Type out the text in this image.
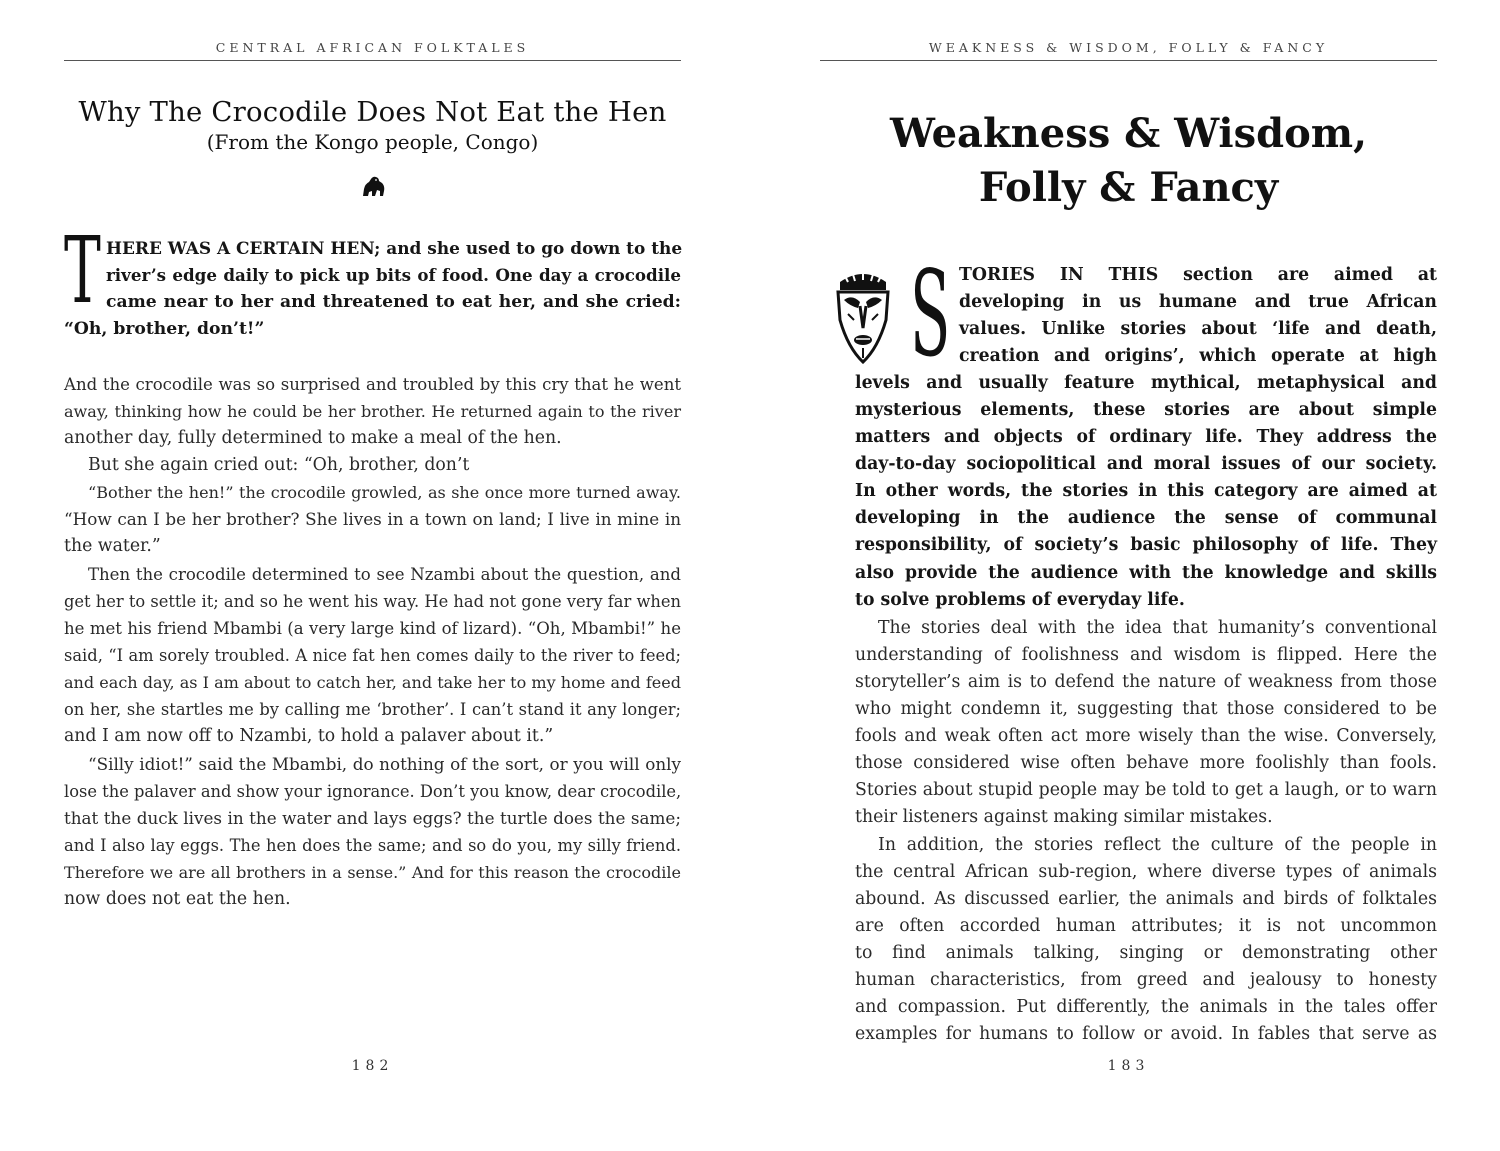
CENTRAL AFRICAN FOLKTALES
Why The Crocodile Does Not Eat the Hen
(From the Kongo people, Congo)
T HERE WAS A CERTAIN HEN; and she used to go down to the
river’s edge daily to pick up bits of food. One day a crocodile
came near to her and threatened to eat her, and she cried:
“Oh, brother, don’t!”
And the crocodile was so surprised and troubled by this cry that he went
away, thinking how he could be her brother. He returned again to the river
another day, fully determined to make a meal of the hen.
But she again cried out: “Oh, brother, don’t
“Bother the hen!” the crocodile growled, as she once more turned away.
“How can I be her brother? She lives in a town on land; I live in mine in
the water.”
Then the crocodile determined to see Nzambi about the question, and
get her to settle it; and so he went his way. He had not gone very far when
he met his friend Mbambi (a very large kind of lizard). “Oh, Mbambi!” he
said, “I am sorely troubled. A nice fat hen comes daily to the river to feed;
and each day, as I am about to catch her, and take her to my home and feed
on her, she startles me by calling me ‘brother’. I can’t stand it any longer;
and I am now off to Nzambi, to hold a palaver about it.”
“Silly idiot!” said the Mbambi, do nothing of the sort, or you will only
lose the palaver and show your ignorance. Don’t you know, dear crocodile,
that the duck lives in the water and lays eggs? the turtle does the same;
and I also lay eggs. The hen does the same; and so do you, my silly friend.
Therefore we are all brothers in a sense.” And for this reason the crocodile
now does not eat the hen.
182
WEAKNESS & WISDOM, FOLLY & FANCY
Weakness & Wisdom,
Folly & Fancy
S TORIES IN THIS section are aimed at
developing in us humane and true African
values. Unlike stories about ‘life and death,
creation and origins’, which operate at high
levels and usually feature mythical, metaphysical and
mysterious elements, these stories are about simple
matters and objects of ordinary life. They address the
day-to-day sociopolitical and moral issues of our society.
In other words, the stories in this category are aimed at
developing in the audience the sense of communal
responsibility, of society’s basic philosophy of life. They
also provide the audience with the knowledge and skills
to solve problems of everyday life.
The stories deal with the idea that humanity’s conventional
understanding of foolishness and wisdom is flipped. Here the
storyteller’s aim is to defend the nature of weakness from those
who might condemn it, suggesting that those considered to be
fools and weak often act more wisely than the wise. Conversely,
those considered wise often behave more foolishly than fools.
Stories about stupid people may be told to get a laugh, or to warn
their listeners against making similar mistakes.
In addition, the stories reflect the culture of the people in
the central African sub-region, where diverse types of animals
abound. As discussed earlier, the animals and birds of folktales
are often accorded human attributes; it is not uncommon
to find animals talking, singing or demonstrating other
human characteristics, from greed and jealousy to honesty
and compassion. Put differently, the animals in the tales offer
examples for humans to follow or avoid. In fables that serve as
183
